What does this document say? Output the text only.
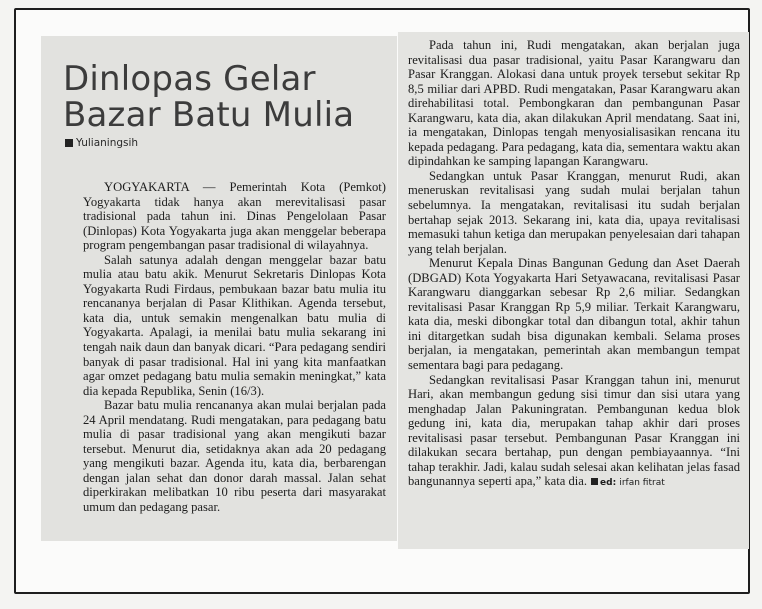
Dinlopas Gelar Bazar Batu Mulia
Yulianingsih

YOGYAKARTA — Pemerintah Kota (Pemkot) Yogyakarta tidak hanya akan merevitalisasi pasar tradisional pada tahun ini. Dinas Pengelolaan Pasar (Dinlopas) Kota Yogyakarta juga akan menggelar beberapa program pengembangan pasar tradisional di wilayahnya.

Salah satunya adalah dengan menggelar bazar batu mulia atau batu akik. Menurut Sekretaris Dinlopas Kota Yogyakarta Rudi Firdaus, pembukaan bazar batu mulia itu rencananya berjalan di Pasar Klithikan. Agenda tersebut, kata dia, untuk semakin mengenalkan batu mulia di Yogyakarta. Apalagi, ia menilai batu mulia sekarang ini tengah naik daun dan banyak dicari. “Para pedagang sendiri banyak di pasar tradisional. Hal ini yang kita manfaatkan agar omzet pedagang batu mulia semakin meningkat,” kata dia kepada Republika, Senin (16/3).

Bazar batu mulia rencananya akan mulai berjalan pada 24 April mendatang. Rudi mengatakan, para pedagang batu mulia di pasar tradisional yang akan mengikuti bazar tersebut. Menurut dia, setidaknya akan ada 20 pedagang yang mengikuti bazar. Agenda itu, kata dia, berbarengan dengan jalan sehat dan donor darah massal. Jalan sehat diperkirakan melibatkan 10 ribu peserta dari masyarakat umum dan pedagang pasar.

Pada tahun ini, Rudi mengatakan, akan berjalan juga revitalisasi dua pasar tradisional, yaitu Pasar Karangwaru dan Pasar Kranggan. Alokasi dana untuk proyek tersebut sekitar Rp 8,5 miliar dari APBD. Rudi mengatakan, Pasar Karangwaru akan direhabilitasi total. Pembongkaran dan pembangunan Pasar Karangwaru, kata dia, akan dilakukan April mendatang. Saat ini, ia mengatakan, Dinlopas tengah menyosialisasikan rencana itu kepada pedagang. Para pedagang, kata dia, sementara waktu akan dipindahkan ke samping lapangan Karangwaru.

Sedangkan untuk Pasar Kranggan, menurut Rudi, akan meneruskan revitalisasi yang sudah mulai berjalan tahun sebelumnya. Ia mengatakan, revitalisasi itu sudah berjalan bertahap sejak 2013. Sekarang ini, kata dia, upaya revitalisasi memasuki tahun ketiga dan merupakan penyelesaian dari tahapan yang telah berjalan.

Menurut Kepala Dinas Bangunan Gedung dan Aset Daerah (DBGAD) Kota Yogyakarta Hari Setyawacana, revitalisasi Pasar Karangwaru dianggarkan sebesar Rp 2,6 miliar. Sedangkan revitalisasi Pasar Kranggan Rp 5,9 miliar. Terkait Karangwaru, kata dia, meski dibongkar total dan dibangun total, akhir tahun ini ditargetkan sudah bisa digunakan kembali. Selama proses berjalan, ia mengatakan, pemerintah akan membangun tempat sementara bagi para pedagang.

Sedangkan revitalisasi Pasar Kranggan tahun ini, menurut Hari, akan membangun gedung sisi timur dan sisi utara yang menghadap Jalan Pakuningratan. Pembangunan kedua blok gedung ini, kata dia, merupakan tahap akhir dari proses revitalisasi pasar tersebut. Pembangunan Pasar Kranggan ini dilakukan secara bertahap, pun dengan pembiayaannya. “Ini tahap terakhir. Jadi, kalau sudah selesai akan kelihatan jelas fasad bangunannya seperti apa,” kata dia. ed: irfan fitrat
